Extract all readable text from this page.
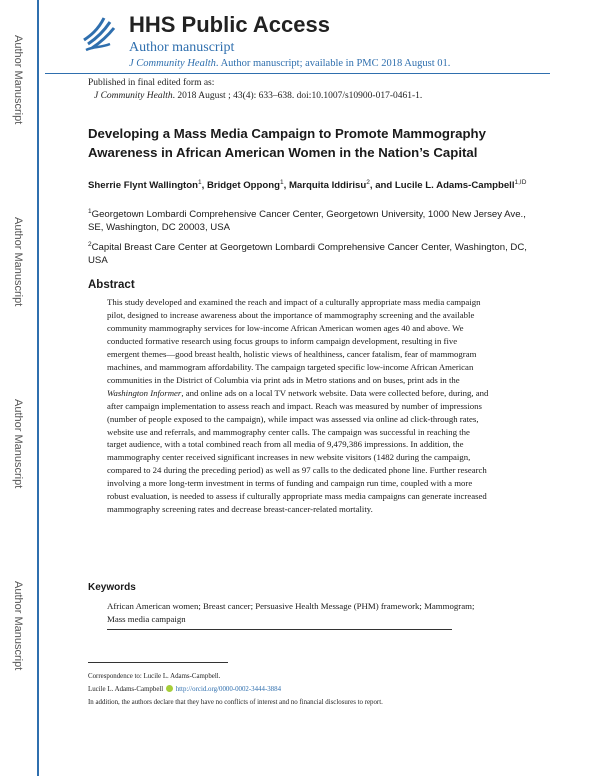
Author Manuscript
Author Manuscript
Author Manuscript
Author Manuscript
HHS Public Access
Author manuscript
J Community Health. Author manuscript; available in PMC 2018 August 01.
Published in final edited form as:
J Community Health. 2018 August ; 43(4): 633–638. doi:10.1007/s10900-017-0461-1.
Developing a Mass Media Campaign to Promote Mammography Awareness in African American Women in the Nation’s Capital
Sherrie Flynt Wallington$^1$, Bridget Oppong$^1$, Marquita Iddirisu$^2$, and Lucile L. Adams-Campbell$^{1,ID}$
$^1$Georgetown Lombardi Comprehensive Cancer Center, Georgetown University, 1000 New Jersey Ave., SE, Washington, DC 20003, USA
$^2$Capital Breast Care Center at Georgetown Lombardi Comprehensive Cancer Center, Washington, DC, USA
Abstract

This study developed and examined the reach and impact of a culturally appropriate mass media campaign pilot, designed to increase awareness about the importance of mammography screening and the available community mammography services for low-income African American women ages 40 and above. We conducted formative research using focus groups to inform campaign development, resulting in five emergent themes—good breast health, holistic views of healthiness, cancer fatalism, fear of mammogram machines, and mammogram affordability. The campaign targeted specific low-income African American communities in the District of Columbia via print ads in Metro stations and on buses, print ads in the Washington Informer, and online ads on a local TV network website. Data were collected before, during, and after campaign implementation to assess reach and impact. Reach was measured by number of impressions (number of people exposed to the campaign), while impact was assessed via online ad click-through rates, website use and referrals, and mammography center calls. The campaign was successful in reaching the target audience, with a total combined reach from all media of 9,479,386 impressions. In addition, the mammography center received significant increases in new website visitors (1482 during the campaign, compared to 24 during the preceding period) as well as 97 calls to the dedicated phone line. Further research involving a more long-term investment in terms of funding and campaign run time, coupled with a more robust evaluation, is needed to assess if culturally appropriate mass media campaigns can generate increased mammography screening rates and decrease breast-cancer-related mortality.

Keywords

African American women; Breast cancer; Persuasive Health Message (PHM) framework; Mammogram; Mass media campaign

Correspondence to: Lucile L. Adams-Campbell.
Lucile L. Adams-Campbell http://orcid.org/0000-0002-3444-3884
In addition, the authors declare that they have no conflicts of interest and no financial disclosures to report.
